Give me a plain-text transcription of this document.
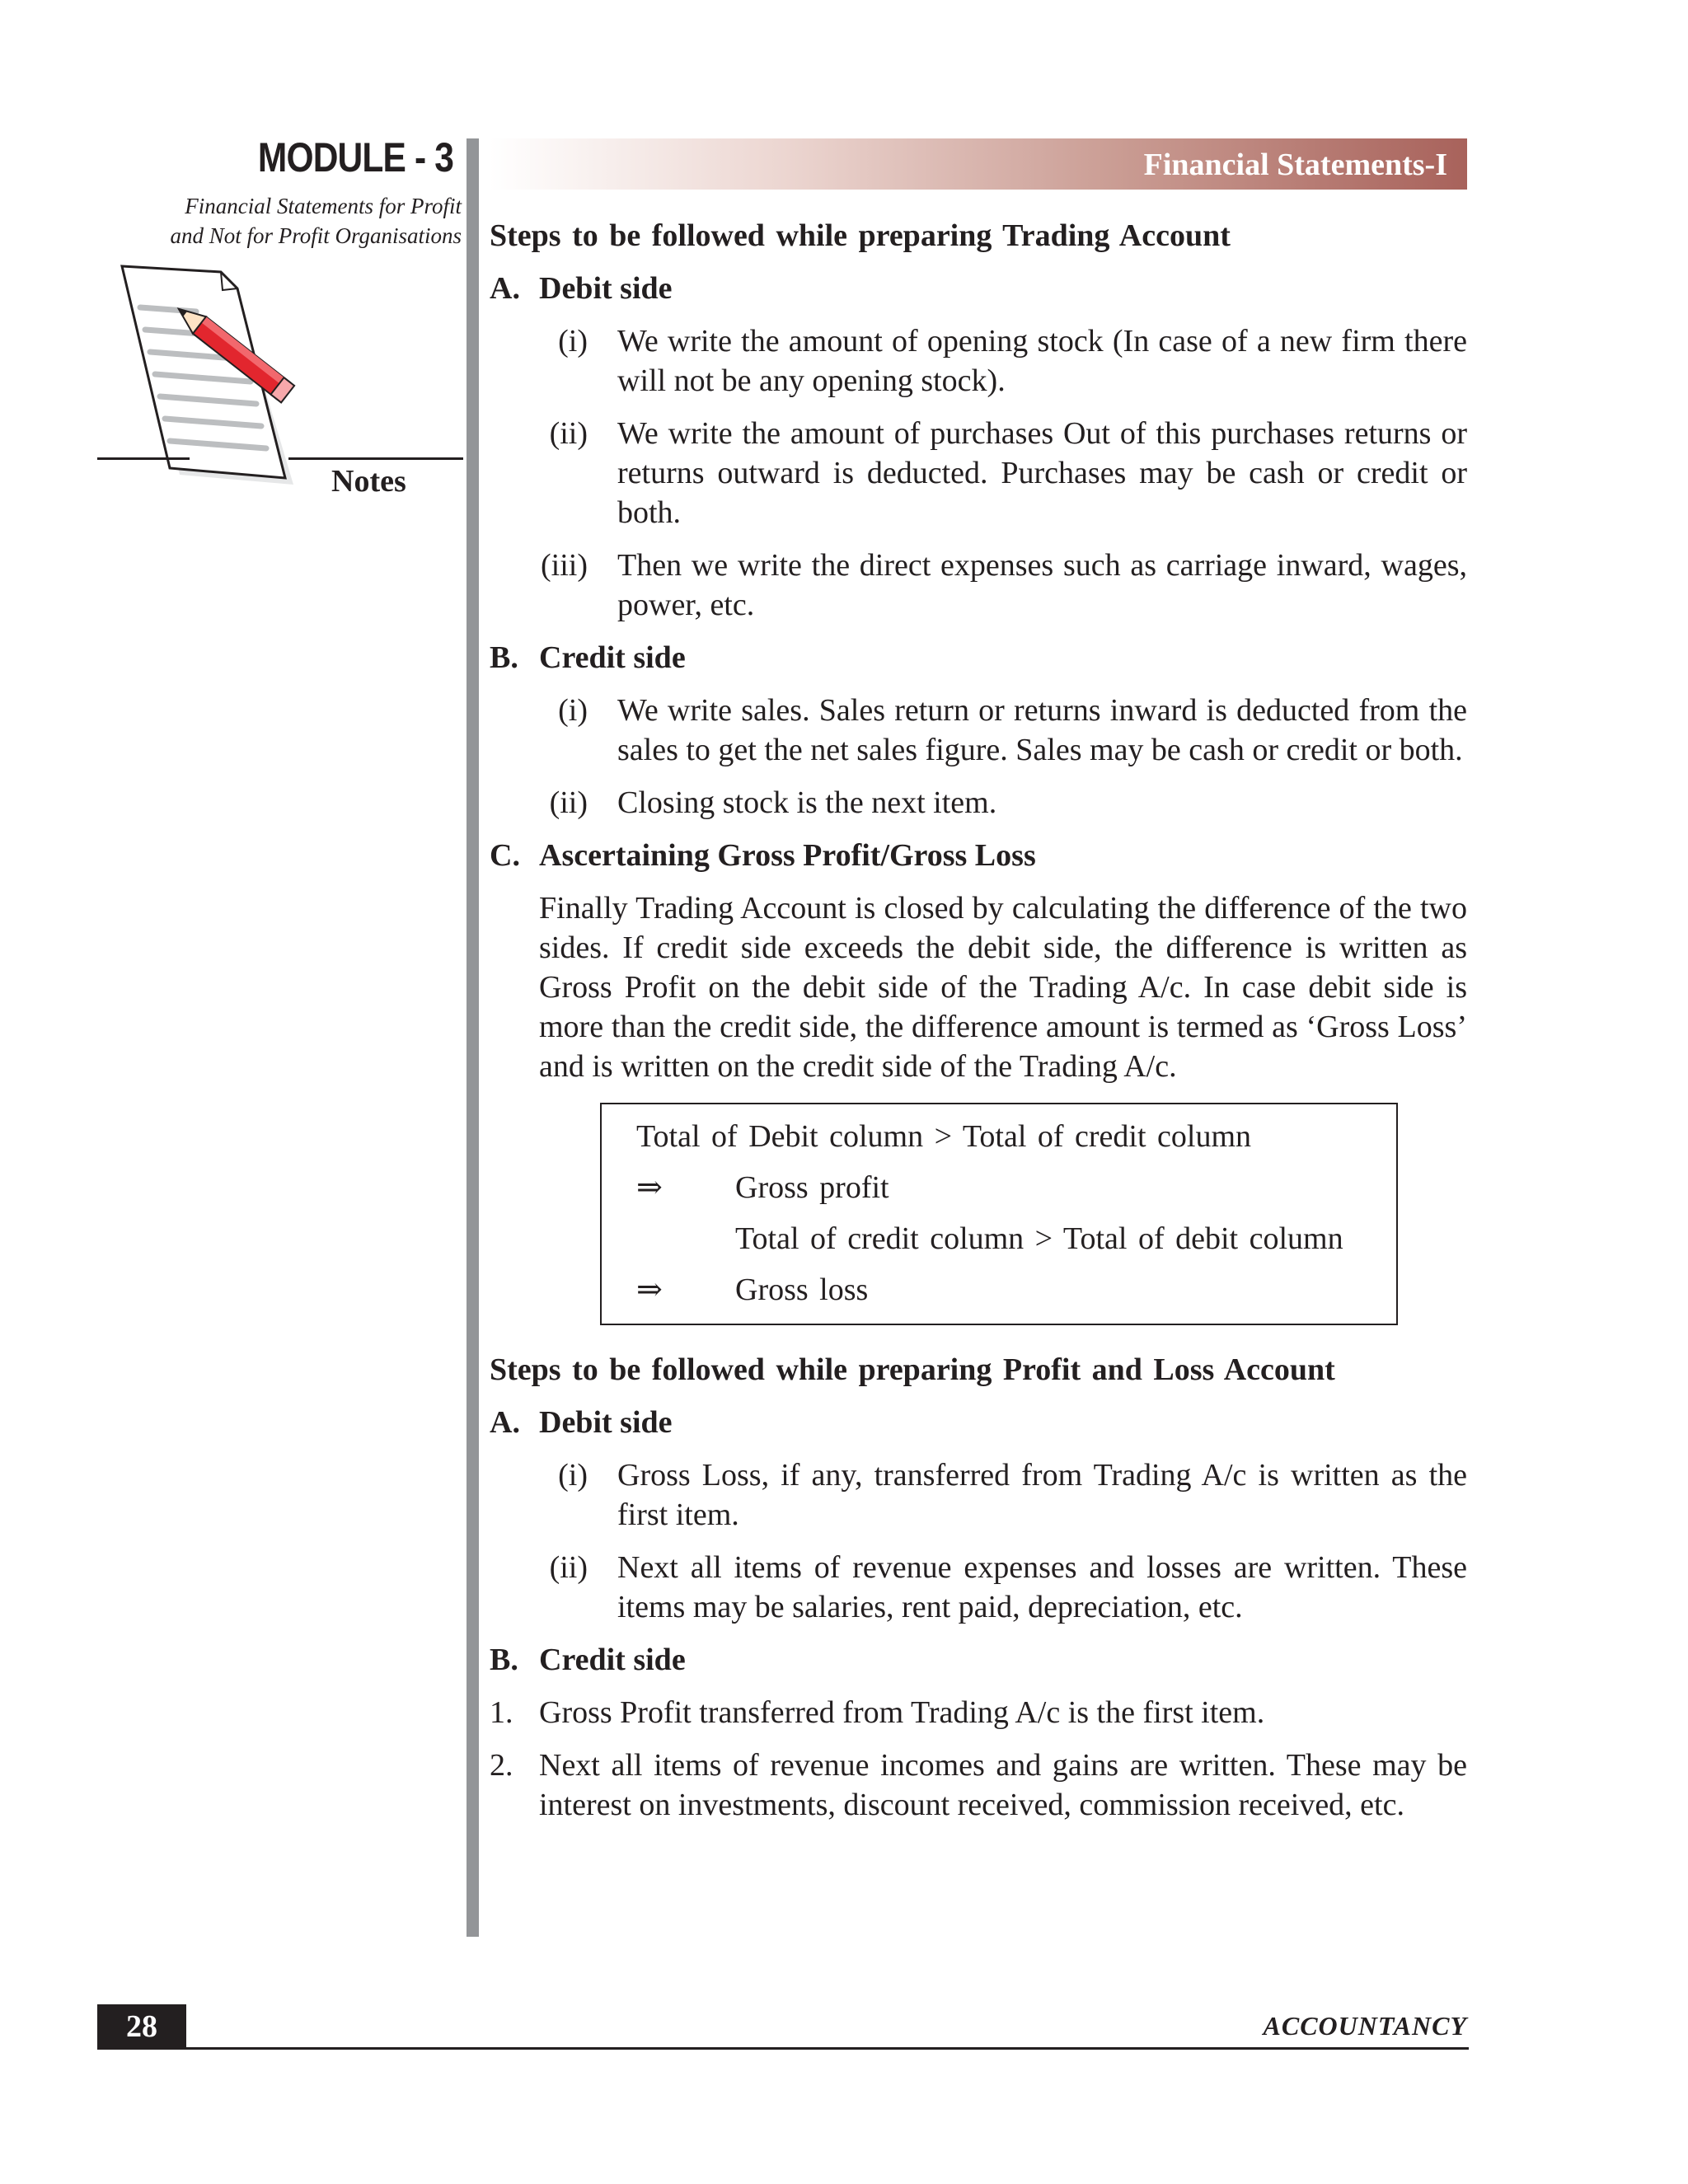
MODULE - 3
Financial Statements for Profit
and Not for Profit Organisations
Notes
Financial Statements-I
Steps to be followed while preparing Trading Account
A. Debit side
(i) We write the amount of opening stock (In case of a new firm there will not be any opening stock).
(ii) We write the amount of purchases Out of this purchases returns or returns outward is deducted. Purchases may be cash or credit or both.
(iii) Then we write the direct expenses such as carriage inward, wages, power, etc.
B. Credit side
(i) We write sales. Sales return or returns inward is deducted from the sales to get the net sales figure. Sales may be cash or credit or both.
(ii) Closing stock is the next item.
C. Ascertaining Gross Profit/Gross Loss
Finally Trading Account is closed by calculating the difference of the two sides. If credit side exceeds the debit side, the difference is written as Gross Profit on the debit side of the Trading A/c. In case debit side is more than the credit side, the difference amount is termed as ‘Gross Loss’ and is written on the credit side of the Trading A/c.
Total of Debit column > Total of credit column
⇒	Gross profit
Total of credit column > Total of debit column
⇒	Gross loss
Steps to be followed while preparing Profit and Loss Account
A. Debit side
(i) Gross Loss, if any, transferred from Trading A/c is written as the first item.
(ii) Next all items of revenue expenses and losses are written. These items may be salaries, rent paid, depreciation, etc.
B. Credit side
1. Gross Profit transferred from Trading A/c is the first item.
2. Next all items of revenue incomes and gains are written. These may be interest on investments, discount received, commission received, etc.
28	ACCOUNTANCY
